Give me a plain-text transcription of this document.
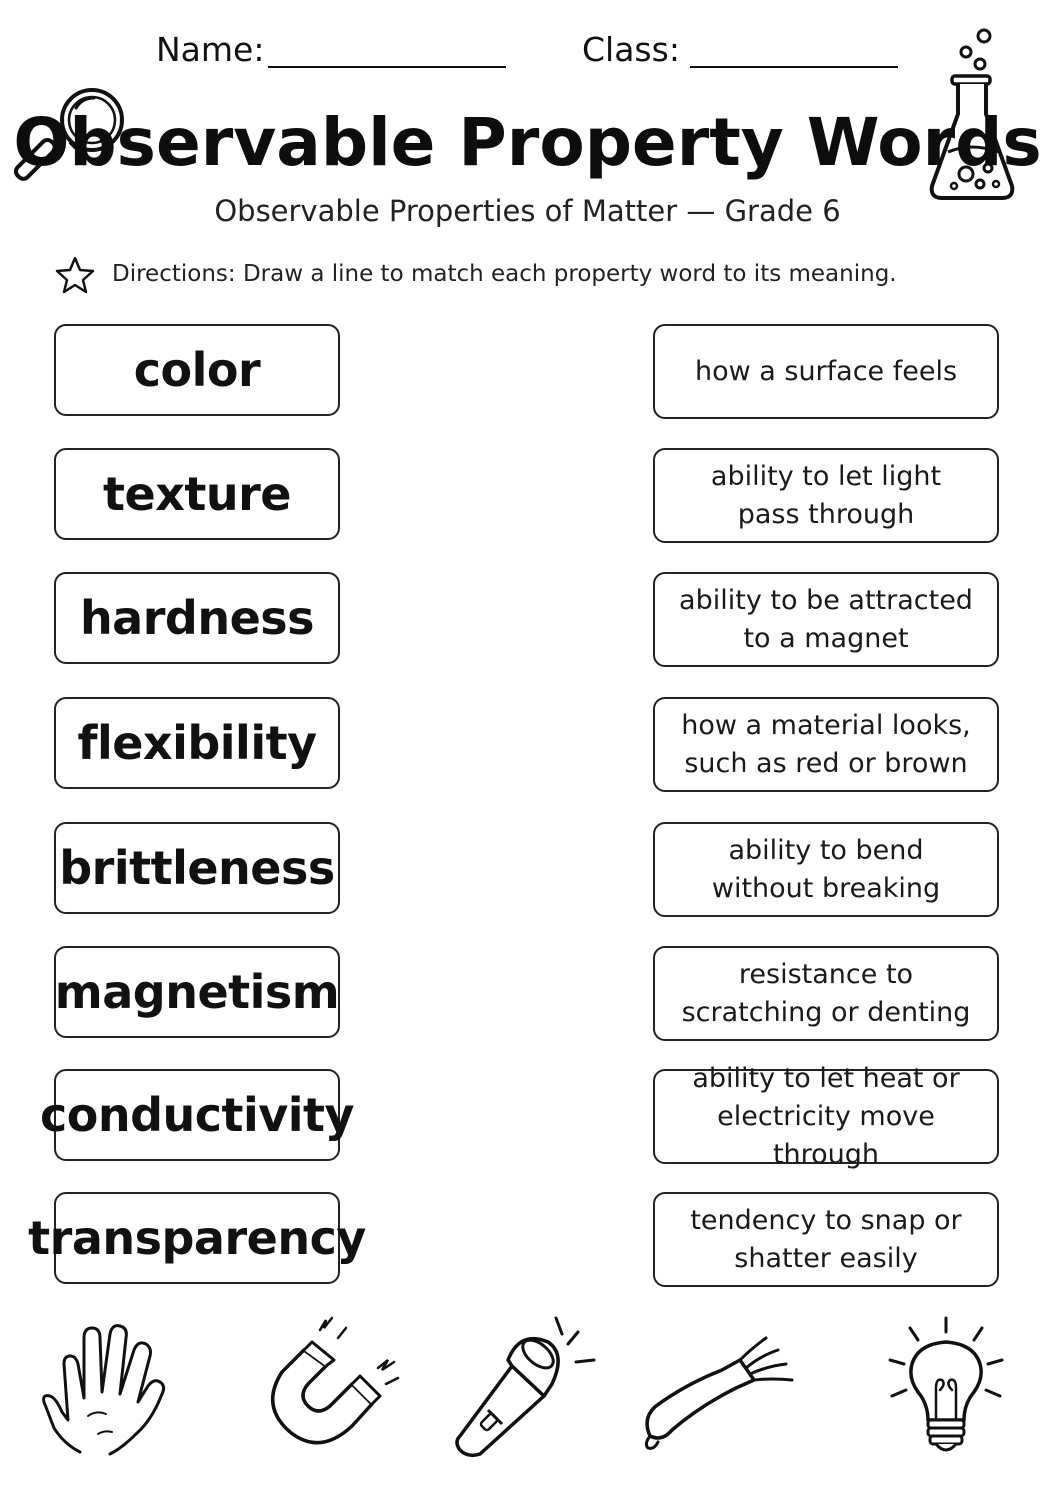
Name:	Class:
Observable Property Words
Observable Properties of Matter — Grade 6
Directions: Draw a line to match each property word to its meaning.
color
texture
hardness
flexibility
brittleness
magnetism
conductivity
transparency
how a surface feels
ability to let light
pass through
ability to be attracted
to a magnet
how a material looks,
such as red or brown
ability to bend
without breaking
resistance to
scratching or denting
ability to let heat or
electricity move through
tendency to snap or
shatter easily
